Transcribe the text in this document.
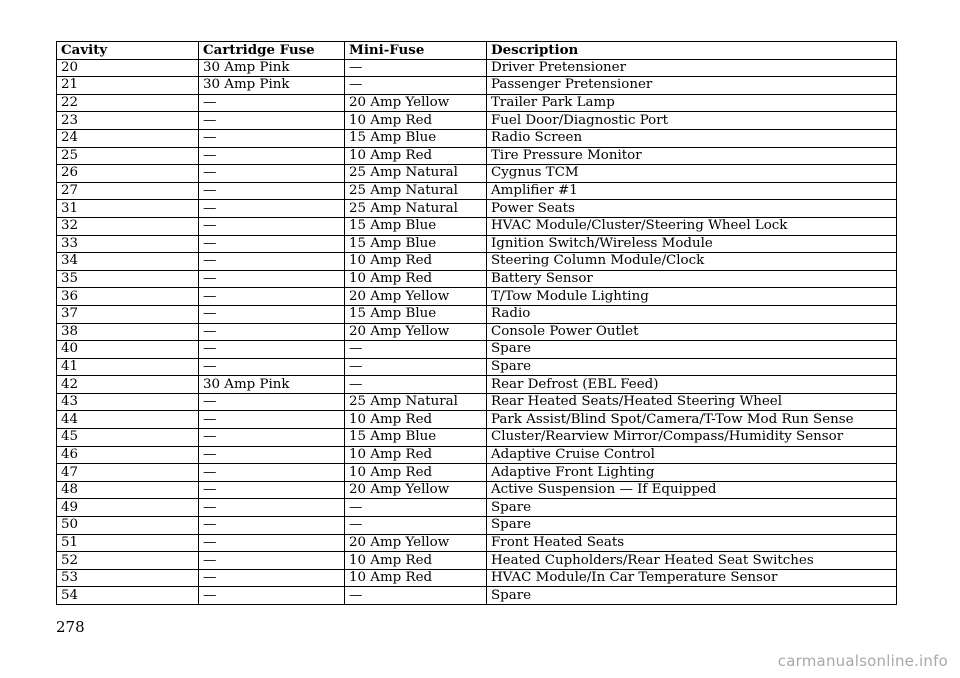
Cavity	Cartridge Fuse	Mini-Fuse	Description
20	30 Amp Pink	—	Driver Pretensioner
21	30 Amp Pink	—	Passenger Pretensioner
22	—	20 Amp Yellow	Trailer Park Lamp
23	—	10 Amp Red	Fuel Door/Diagnostic Port
24	—	15 Amp Blue	Radio Screen
25	—	10 Amp Red	Tire Pressure Monitor
26	—	25 Amp Natural	Cygnus TCM
27	—	25 Amp Natural	Amplifier #1
31	—	25 Amp Natural	Power Seats
32	—	15 Amp Blue	HVAC Module/Cluster/Steering Wheel Lock
33	—	15 Amp Blue	Ignition Switch/Wireless Module
34	—	10 Amp Red	Steering Column Module/Clock
35	—	10 Amp Red	Battery Sensor
36	—	20 Amp Yellow	T/Tow Module Lighting
37	—	15 Amp Blue	Radio
38	—	20 Amp Yellow	Console Power Outlet
40	—	—	Spare
41	—	—	Spare
42	30 Amp Pink	—	Rear Defrost (EBL Feed)
43	—	25 Amp Natural	Rear Heated Seats/Heated Steering Wheel
44	—	10 Amp Red	Park Assist/Blind Spot/Camera/T-Tow Mod Run Sense
45	—	15 Amp Blue	Cluster/Rearview Mirror/Compass/Humidity Sensor
46	—	10 Amp Red	Adaptive Cruise Control
47	—	10 Amp Red	Adaptive Front Lighting
48	—	20 Amp Yellow	Active Suspension — If Equipped
49	—	—	Spare
50	—	—	Spare
51	—	20 Amp Yellow	Front Heated Seats
52	—	10 Amp Red	Heated Cupholders/Rear Heated Seat Switches
53	—	10 Amp Red	HVAC Module/In Car Temperature Sensor
54	—	—	Spare
278
carmanualsonline.info
